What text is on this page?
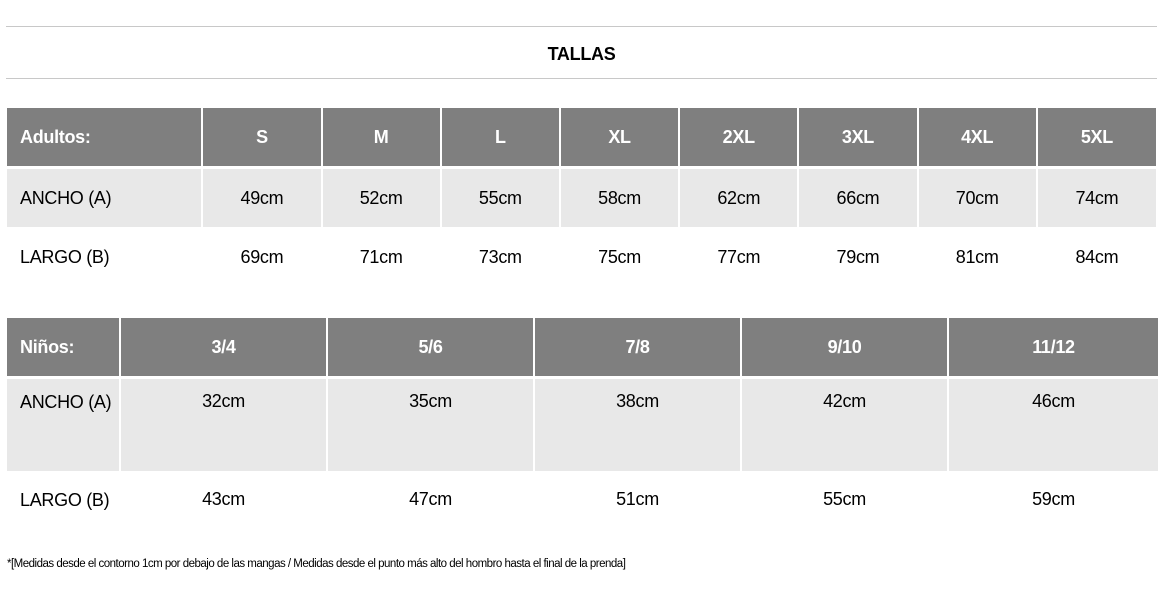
TALLAS
Adultos:	S	M	L	XL	2XL	3XL	4XL	5XL
ANCHO (A)	49cm	52cm	55cm	58cm	62cm	66cm	70cm	74cm
LARGO (B)	69cm	71cm	73cm	75cm	77cm	79cm	81cm	84cm
Niños:	3/4	5/6	7/8	9/10	11/12
ANCHO (A)	32cm	35cm	38cm	42cm	46cm
LARGO (B)	43cm	47cm	51cm	55cm	59cm
*[Medidas desde el contorno 1cm por debajo de las mangas / Medidas desde el punto más alto del hombro hasta el final de la prenda]
